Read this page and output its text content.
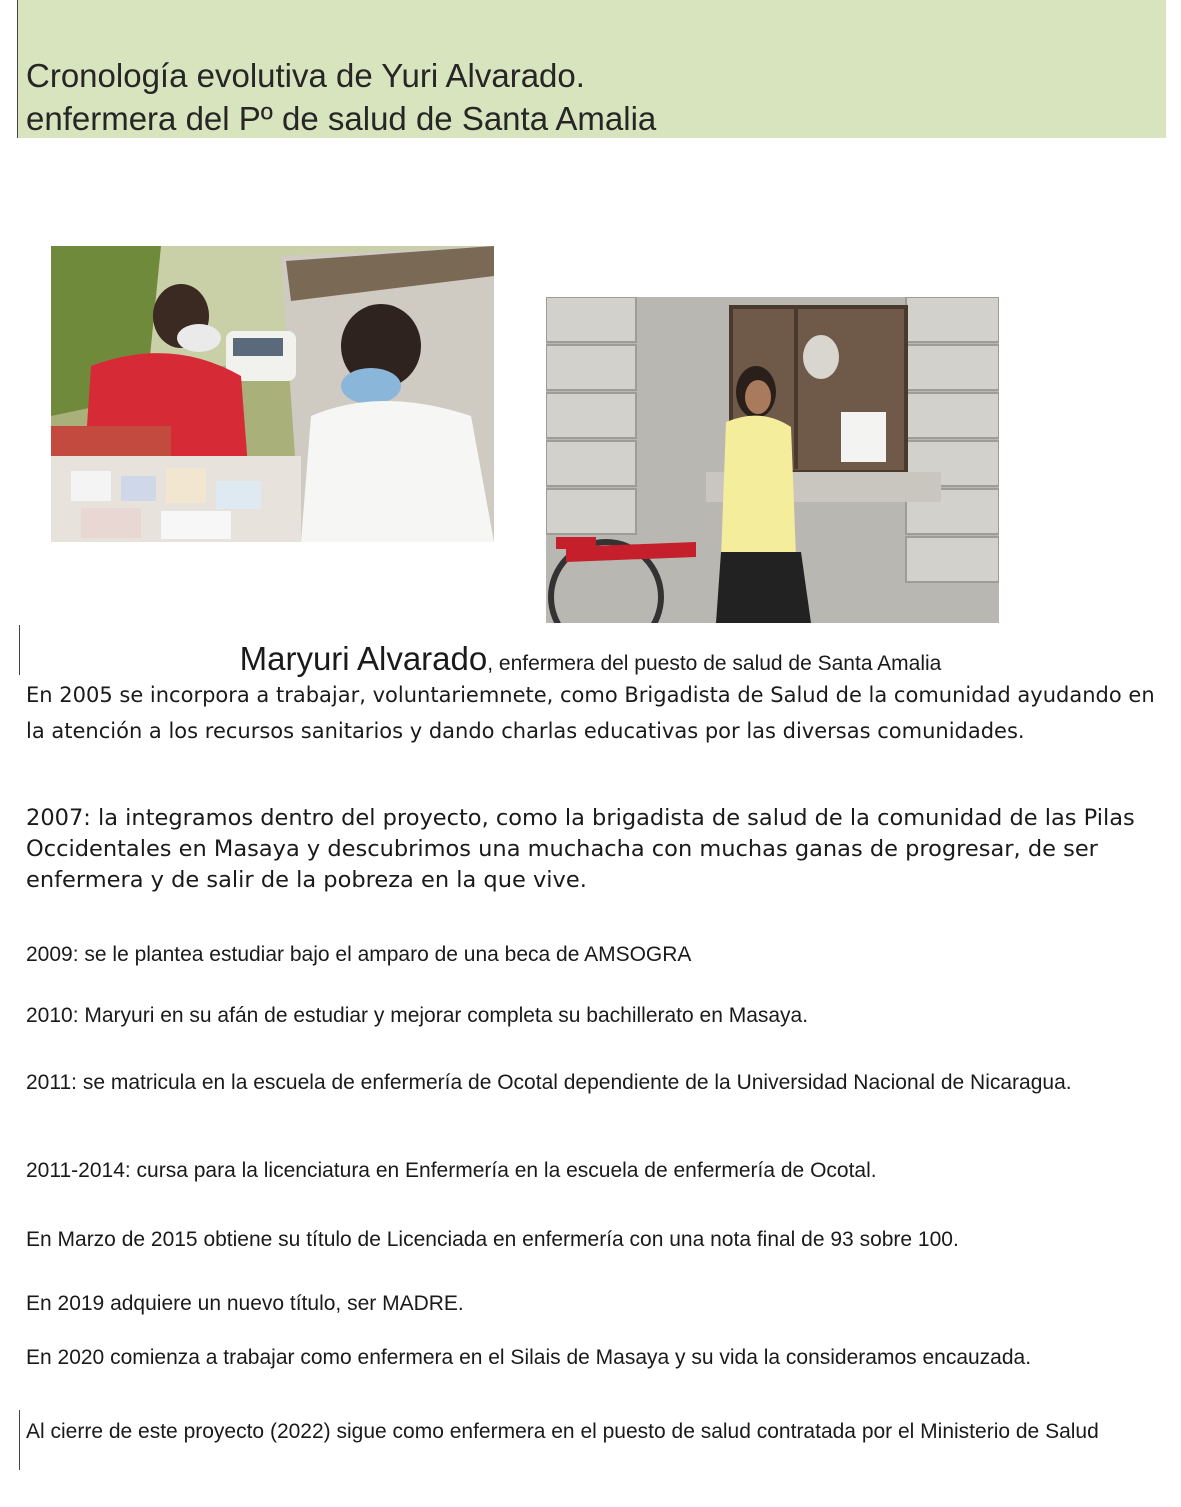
Cronología evolutiva de Yuri Alvarado.
enfermera del Pº de salud de Santa Amalia
Maryuri Alvarado, enfermera del puesto de salud de Santa Amalia
En 2005 se incorpora a trabajar, voluntariemnete, como Brigadista de Salud de la comunidad ayudando en la atención a los recursos sanitarios y dando charlas educativas por las diversas comunidades.
2007: la integramos dentro del proyecto, como la brigadista de salud de la comunidad de las Pilas Occidentales en Masaya y descubrimos una muchacha con muchas ganas de progresar, de ser enfermera y de salir de la pobreza en la que vive.
2009: se le plantea estudiar bajo el amparo de una beca de AMSOGRA
2010: Maryuri en su afán de estudiar y mejorar completa su bachillerato en Masaya.
2011: se matricula en la escuela de enfermería de Ocotal dependiente de la Universidad Nacional de Nicaragua.
2011-2014: cursa para la licenciatura en Enfermería en la escuela de enfermería de Ocotal.
En Marzo de 2015 obtiene su título de Licenciada en enfermería con una nota final de 93 sobre 100.
En 2019 adquiere un nuevo título, ser MADRE.
En 2020 comienza a trabajar como enfermera en el Silais de Masaya y su vida la consideramos encauzada.
Al cierre de este proyecto (2022) sigue como enfermera en el puesto de salud contratada por el Ministerio de Salud
